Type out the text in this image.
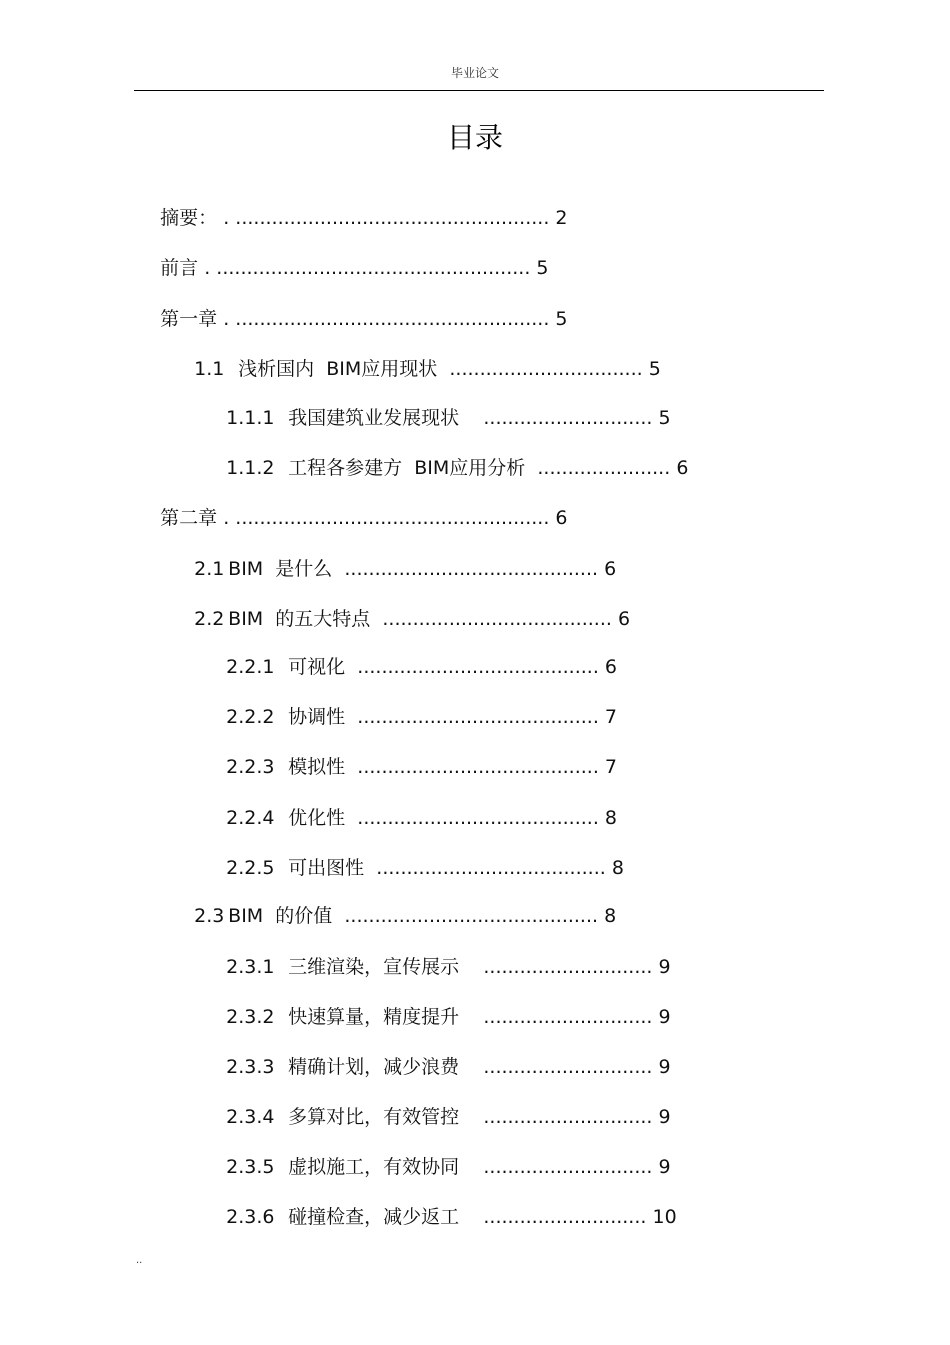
毕业论文
目录

摘要： . .................................................... 2

前言 . .................................................... 5

第一章 . .................................................... 5

1.1 浅析国内  BIM应用现状 ................................ 5

1.1.1 我国建筑业发展现状 ............................ 5

1.1.2 工程各参建方  BIM应用分析 ...................... 6

第二章 . .................................................... 6

2.1 BIM  是什么 .......................................... 6

2.2 BIM  的五大特点 ...................................... 6

2.2.1 可视化 ........................................ 6

2.2.2 协调性 ........................................ 7

2.2.3 模拟性 ........................................ 7

2.2.4 优化性 ........................................ 8

2.2.5 可出图性 ...................................... 8

2.3 BIM  的价值 .......................................... 8

2.3.1 三维渲染，宣传展示 ............................ 9

2.3.2 快速算量，精度提升 ............................ 9

2.3.3 精确计划，减少浪费 ............................ 9

2.3.4 多算对比，有效管控 ............................ 9

2.3.5 虚拟施工，有效协同 ............................ 9

2.3.6 碰撞检查，减少返工 ........................... 10

..
